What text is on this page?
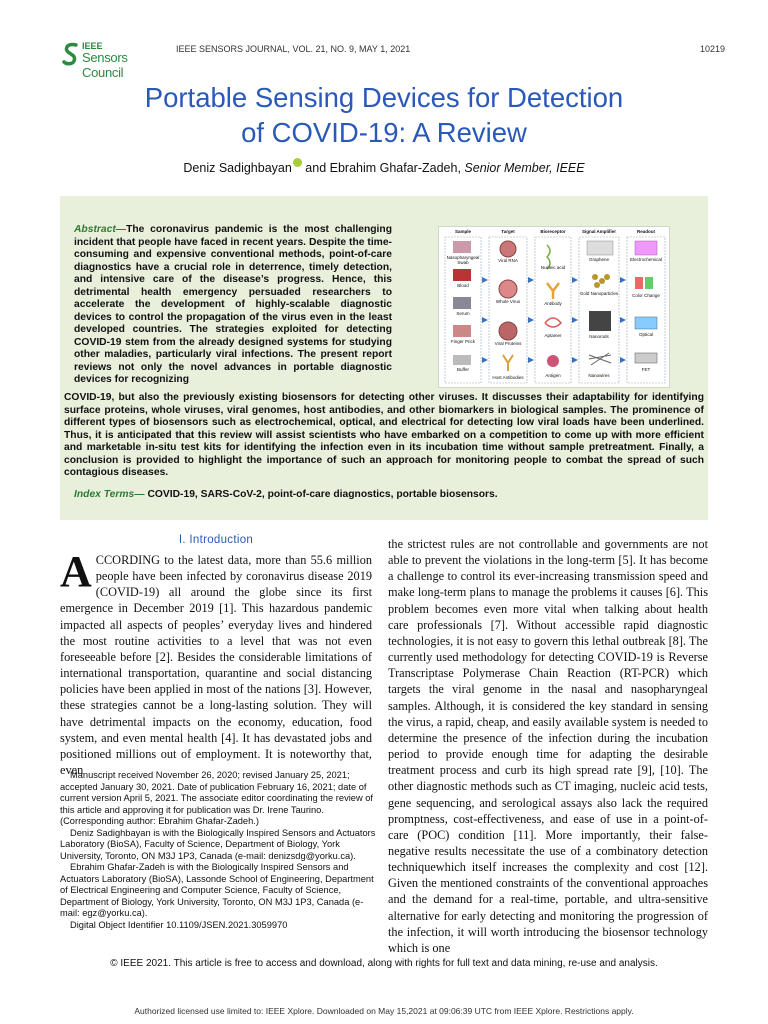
IEEE
Sensors Council
IEEE SENSORS JOURNAL, VOL. 21, NO. 9, MAY 1, 2021	10219
Portable Sensing Devices for Detection
of COVID-19: A Review
Deniz Sadighbayan and Ebrahim Ghafar-Zadeh, Senior Member, IEEE
Abstract—The coronavirus pandemic is the most challenging incident that people have faced in recent years. Despite the time-consuming and expensive conventional methods, point-of-care diagnostics have a crucial role in deterrence, timely detection, and intensive care of the disease’s progress. Hence, this detrimental health emergency persuaded researchers to accelerate the development of highly-scalable diagnostic devices to control the propagation of the virus even in the least developed countries. The strategies exploited for detecting COVID-19 stem from the already designed systems for studying other maladies, particularly viral infections. The present report reviews not only the novel advances in portable diagnostic devices for recognizing
COVID-19, but also the previously existing biosensors for detecting other viruses. It discusses their adaptability for identifying surface proteins, whole viruses, viral genomes, host antibodies, and other biomarkers in biological samples. The prominence of different types of biosensors such as electrochemical, optical, and electrical for detecting low viral loads have been underlined. Thus, it is anticipated that this review will assist scientists who have embarked on a competition to come up with more efficient and marketable in-situ test kits for identifying the infection even in its incubation time without sample pretreatment. Finally, a conclusion is provided to highlight the importance of such an approach for monitoring people to combat the spread of such contagious diseases.
Index Terms— COVID-19, SARS-CoV-2, point-of-care diagnostics, portable biosensors.
Sample	Target	Bioreceptor	Signal Amplifier	Readout
Nasopharyngeal Swab
Blood
Serum
Finger Prick
Buffer
Viral RNA
Whole Virus
Viral Proteins
Host Antibodies
Nucleic acid
Antibody
Aptamer
Antigen
Graphene
Gold Nanoparticles
Nanorods
Nanowires
Electrochemical
Color Change
Optical
FET
I. Introduction
ACCORDING to the latest data, more than 55.6 million people have been infected by coronavirus disease 2019 (COVID-19) all around the globe since its first emergence in December 2019 [1]. This hazardous pandemic impacted all aspects of peoples’ everyday lives and hindered the most routine activities to a level that was not even foreseeable before [2]. Besides the considerable limitations of international transportation, quarantine and social distancing policies have been applied in most of the nations [3]. However, these strategies cannot be a long-lasting solution. They will have detrimental impacts on the economy, education, food system, and even mental health [4]. It has devastated jobs and positioned millions out of employment. It is noteworthy that, even

Manuscript received November 26, 2020; revised January 25, 2021; accepted January 30, 2021. Date of publication February 16, 2021; date of current version April 5, 2021. The associate editor coordinating the review of this article and approving it for publication was Dr. Irene Taurino. (Corresponding author: Ebrahim Ghafar-Zadeh.)

Deniz Sadighbayan is with the Biologically Inspired Sensors and Actuators Laboratory (BioSA), Faculty of Science, Department of Biology, York University, Toronto, ON M3J 1P3, Canada (e-mail: denizsdg@yorku.ca).

Ebrahim Ghafar-Zadeh is with the Biologically Inspired Sensors and Actuators Laboratory (BioSA), Lassonde School of Engineering, Department of Electrical Engineering and Computer Science, Faculty of Science, Department of Biology, York University, Toronto, ON M3J 1P3, Canada (e-mail: egz@yorku.ca).

Digital Object Identifier 10.1109/JSEN.2021.3059970

the strictest rules are not controllable and governments are not able to prevent the violations in the long-term [5]. It has become a challenge to control its ever-increasing transmission speed and make long-term plans to manage the problems it causes [6]. This problem becomes even more vital when talking about health care professionals [7]. Without accessible rapid diagnostic technologies, it is not easy to govern this lethal outbreak [8]. The currently used methodology for detecting COVID-19 is Reverse Transcriptase Polymerase Chain Reaction (RT-PCR) which targets the viral genome in the nasal and nasopharyngeal samples. Although, it is considered the key standard in sensing the virus, a rapid, cheap, and easily available system is needed to determine the presence of the infection during the incubation period to provide enough time for adapting the desirable treatment process and curb its high spread rate [9], [10]. The other diagnostic methods such as CT imaging, nucleic acid tests, gene sequencing, and serological assays also lack the required promptness, cost-effectiveness, and ease of use in a point-of-care (POC) condition [11]. More importantly, their false-negative results necessitate the use of a combinatory detection techniquewhich itself increases the complexity and cost [12]. Given the mentioned constraints of the conventional approaches and the demand for a real-time, portable, and ultra-sensitive alternative for early detecting and monitoring the progression of the infection, it will worth introducing the biosensor technology which is one
© IEEE 2021. This article is free to access and download, along with rights for full text and data mining, re-use and analysis.
Authorized licensed use limited to: IEEE Xplore. Downloaded on May 15,2021 at 09:06:39 UTC from IEEE Xplore. Restrictions apply.
